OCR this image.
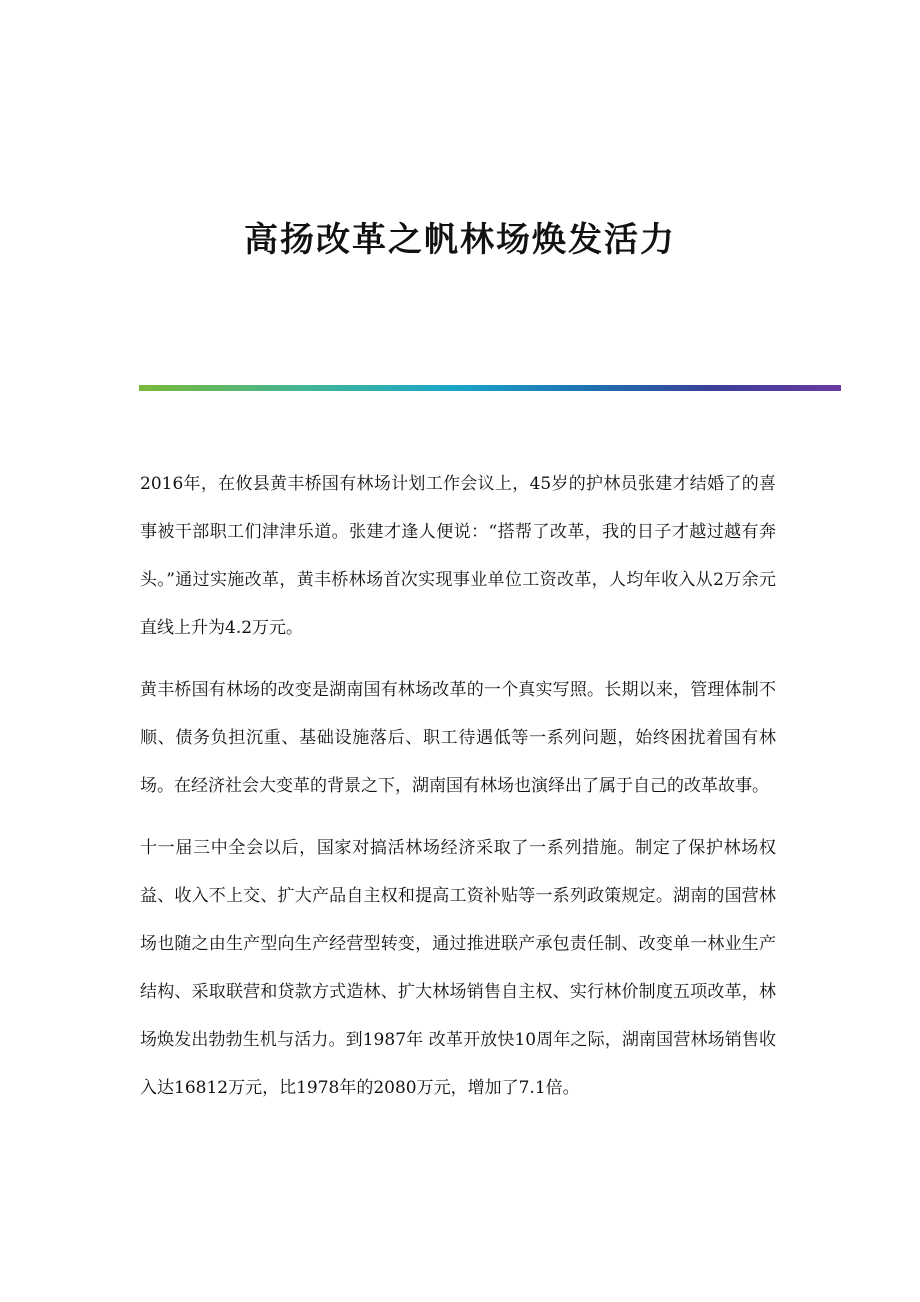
高扬改革之帆林场焕发活力

2016年，在攸县黄丰桥国有林场计划工作会议上，45岁的护林员张建才结婚了的喜事被干部职工们津津乐道。张建才逢人便说：“搭帮了改革，我的日子才越过越有奔头。”通过实施改革，黄丰桥林场首次实现事业单位工资改革，人均年收入从2万余元直线上升为4.2万元。

黄丰桥国有林场的改变是湖南国有林场改革的一个真实写照。长期以来，管理体制不顺、债务负担沉重、基础设施落后、职工待遇低等一系列问题，始终困扰着国有林场。在经济社会大变革的背景之下，湖南国有林场也演绎出了属于自己的改革故事。

十一届三中全会以后，国家对搞活林场经济采取了一系列措施。制定了保护林场权益、收入不上交、扩大产品自主权和提高工资补贴等一系列政策规定。湖南的国营林场也随之由生产型向生产经营型转变，通过推进联产承包责任制、改变单一林业生产结构、采取联营和贷款方式造林、扩大林场销售自主权、实行林价制度五项改革，林场焕发出勃勃生机与活力。到1987年 改革开放快10周年之际，湖南国营林场销售收入达16812万元，比1978年的2080万元，增加了7.1倍。
